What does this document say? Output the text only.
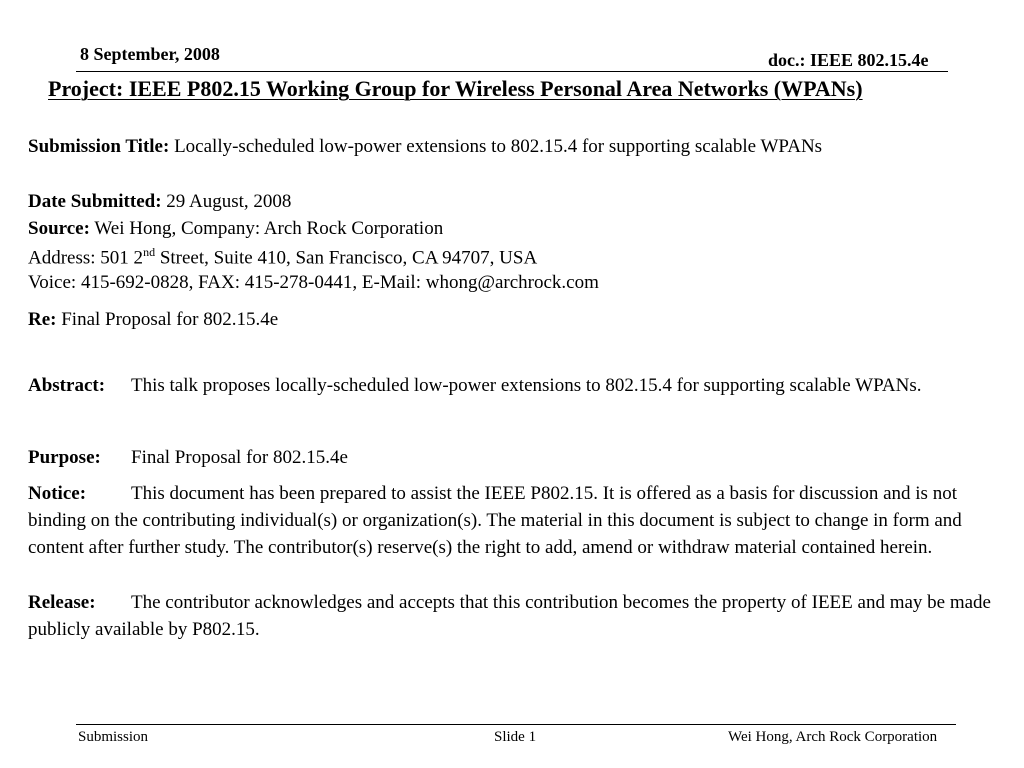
8 September, 2008	doc.: IEEE 802.15.4e
Project: IEEE P802.15 Working Group for Wireless Personal Area Networks (WPANs)
Submission Title: Locally-scheduled low-power extensions to 802.15.4 for supporting scalable WPANs
Date Submitted: 29 August, 2008
Source: Wei Hong, Company: Arch Rock Corporation
Address: 501 2nd Street, Suite 410, San Francisco, CA 94707, USA
Voice: 415-692-0828, FAX: 415-278-0441, E-Mail: whong@archrock.com
Re: Final Proposal for 802.15.4e
Abstract: This talk proposes locally-scheduled low-power extensions to 802.15.4 for supporting scalable WPANs.
Purpose: Final Proposal for 802.15.4e
Notice: This document has been prepared to assist the IEEE P802.15. It is offered as a basis for discussion and is not binding on the contributing individual(s) or organization(s). The material in this document is subject to change in form and content after further study. The contributor(s) reserve(s) the right to add, amend or withdraw material contained herein.
Release: The contributor acknowledges and accepts that this contribution becomes the property of IEEE and may be made publicly available by P802.15.
Submission	Slide 1	Wei Hong, Arch Rock Corporation
